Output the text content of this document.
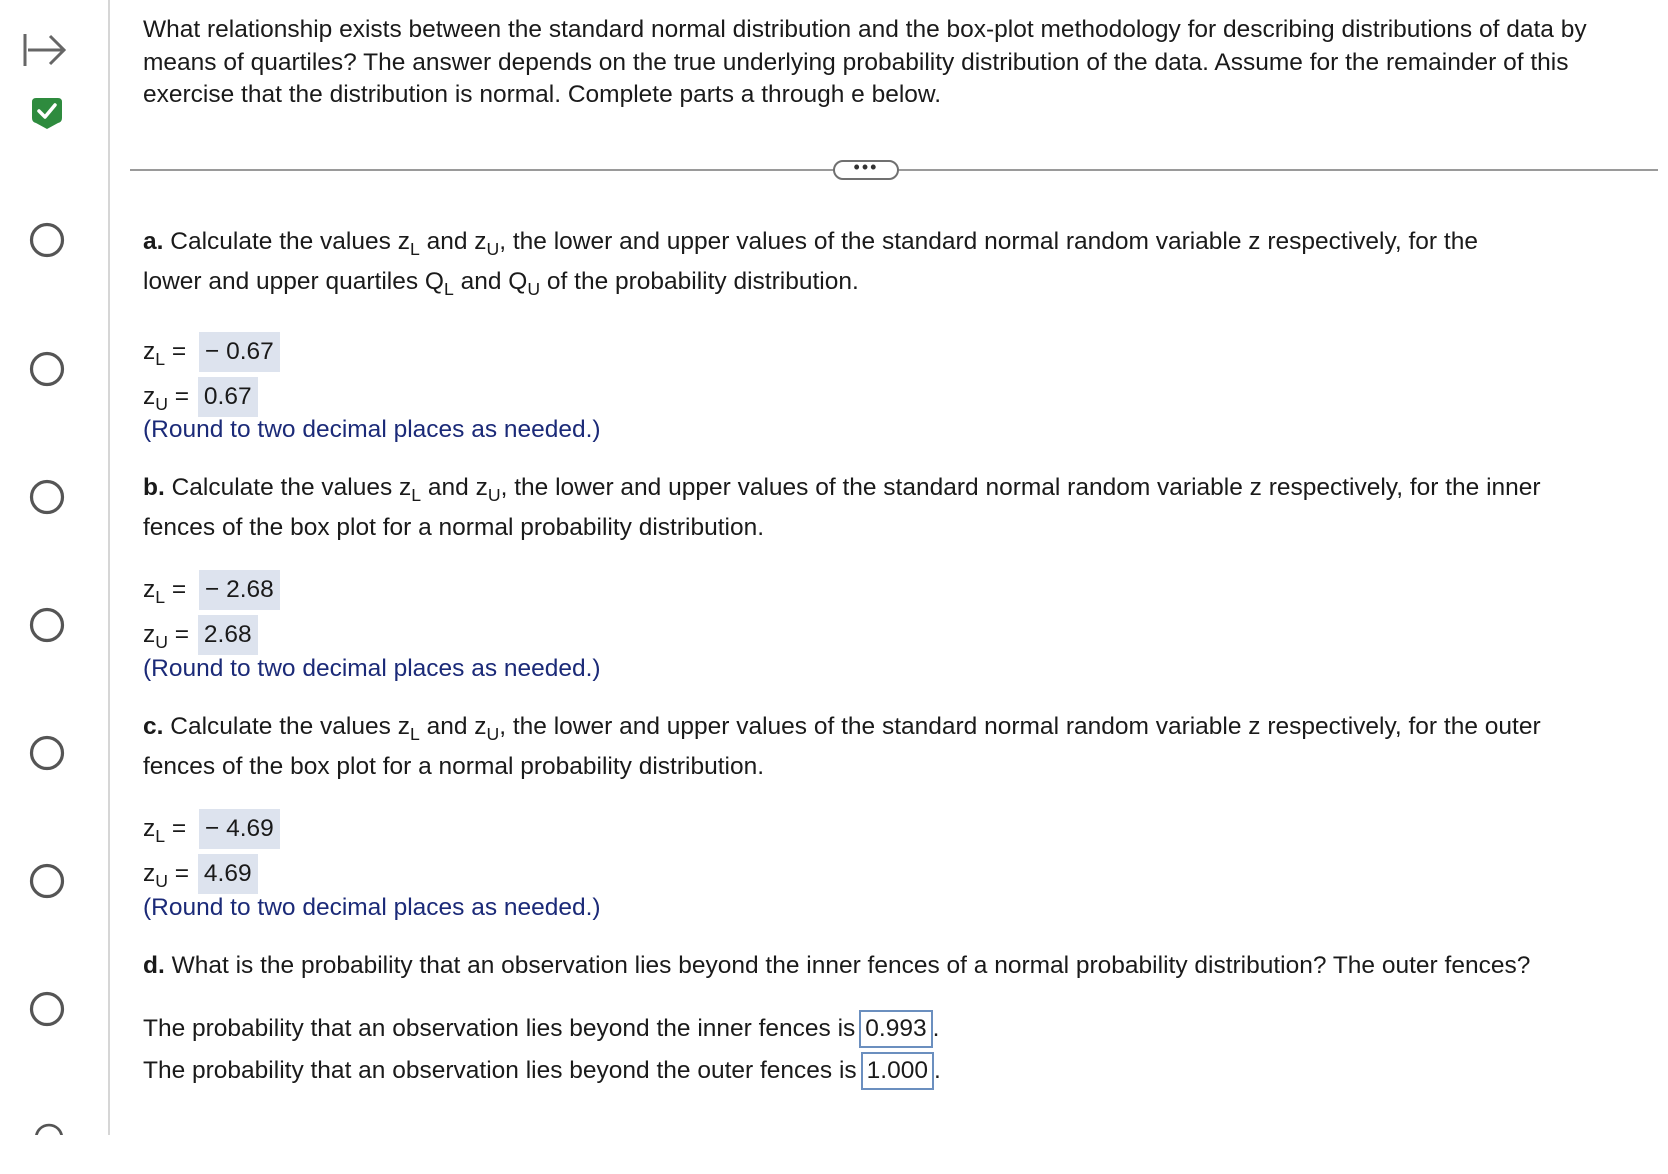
What relationship exists between the standard normal distribution and the box-plot methodology for describing distributions of data by means of quartiles? The answer depends on the true underlying probability distribution of the data. Assume for the remainder of this exercise that the distribution is normal. Complete parts a through e below.

•••
a. Calculate the values $z_L$ and $z_U$, the lower and upper values of the standard normal random variable z respectively, for the
lower and upper quartiles $Q_L$ and $Q_U$ of the probability distribution.
$z_L$ = − 0.67
$z_U = 0.67$
(Round to two decimal places as needed.)
b. Calculate the values $z_L$ and $z_U$, the lower and upper values of the standard normal random variable z respectively, for the inner
fences of the box plot for a normal probability distribution.
$z_L$ = − 2.68
$z_U = 2.68$
(Round to two decimal places as needed.)
c. Calculate the values $z_L$ and $z_U$, the lower and upper values of the standard normal random variable z respectively, for the outer
fences of the box plot for a normal probability distribution.
$z_L$ = − 4.69
$z_U = 4.69$
(Round to two decimal places as needed.)
d. What is the probability that an observation lies beyond the inner fences of a normal probability distribution? The outer fences?
The probability that an observation lies beyond the inner fences is 0.993 .
The probability that an observation lies beyond the outer fences is 1.000 .
